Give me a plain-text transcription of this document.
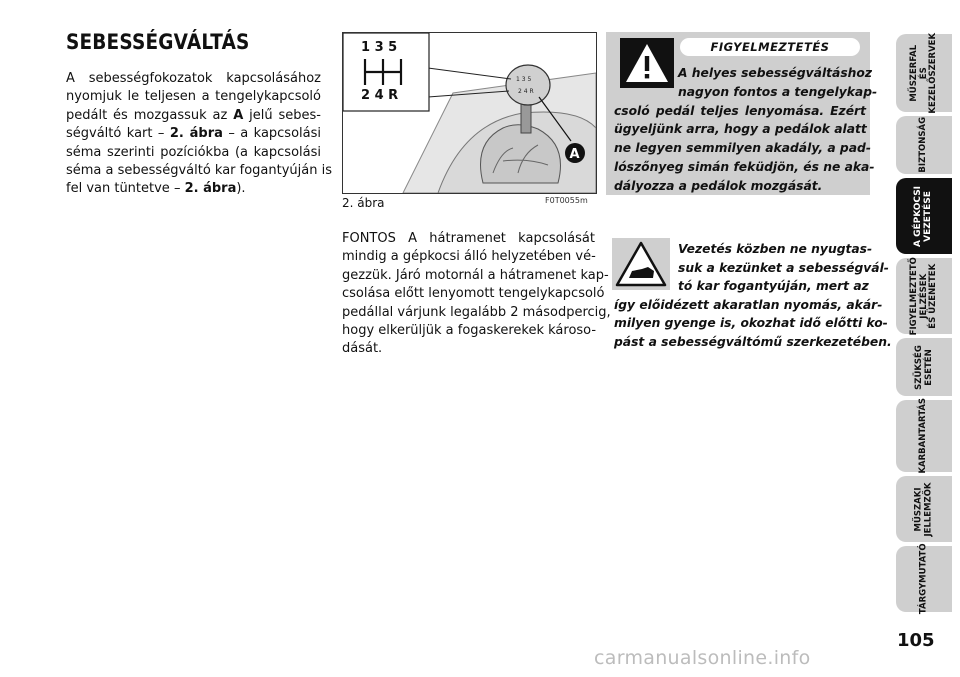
SEBESSÉGVÁLTÁS
A sebességfokozatok kapcsolásához
nyomjuk le teljesen a tengelykapcsoló
pedált és mozgassuk az A jelű sebes-
ségváltó kart – 2. ábra – a kapcsolási
séma szerinti pozíciókba (a kapcsolási
séma a sebességváltó kar fogantyúján is
fel van tüntetve – 2. ábra).
1 3 5
2 4 R
1 3 5
2 4 R
A
2. ábra	F0T0055m
FONTOS A hátramenet kapcsolását
mindig a gépkocsi álló helyzetében vé-
gezzük. Járó motornál a hátramenet kap-
csolása előtt lenyomott tengelykapcsoló
pedállal várjunk legalább 2 másodpercig,
hogy elkerüljük a fogaskerekek károso-
dását.
FIGYELMEZTETÉS
A helyes sebességváltáshoz
nagyon fontos a tengelykap-
csoló pedál teljes lenyomása. Ezért
ügyeljünk arra, hogy a pedálok alatt
ne legyen semmilyen akadály, a pad-
lószőnyeg simán feküdjön, és ne aka-
dályozza a pedálok mozgását.
Vezetés közben ne nyugtas-
suk a kezünket a sebességvál-
tó kar fogantyúján, mert az
így előidézett akaratlan nyomás, akár-
milyen gyenge is, okozhat idő előtti ko-
pást a sebességváltómű szerkezetében.
MŰSZERFAL
ÉS
KEZELŐSZERVEK
BIZTONSÁG
A GÉPKOCSI
VEZETÉSE
FIGYELMEZTETŐ
JELZÉSEK
ÉS ÜZENETEK
SZÜKSÉG
ESETÉN
KARBANTARTÁS
MŰSZAKI
JELLEMZŐK
TÁRGYMUTATÓ
105
carmanualsonline.info
